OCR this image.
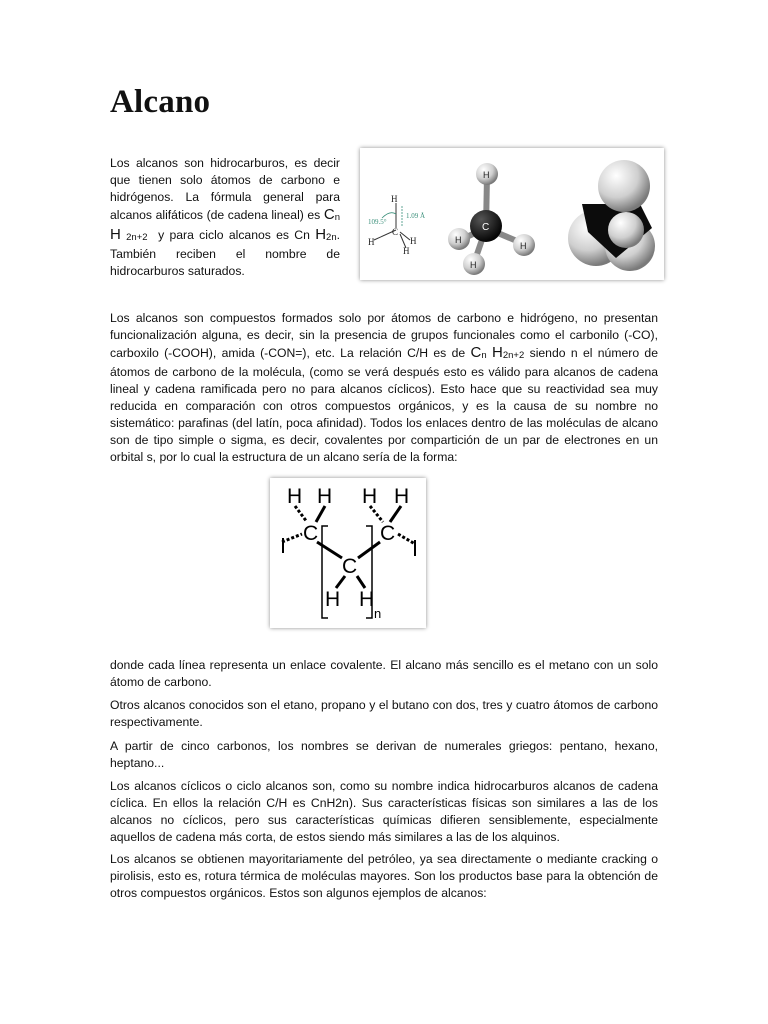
Alcano
Los alcanos son hidrocarburos, es decir que tienen solo átomos de carbono e hidrógenos. La fórmula general para alcanos alifáticos (de cadena lineal) es Cn H 2n+2 y para ciclo alcanos es Cn H2n. También reciben el nombre de hidrocarburos saturados.
H
C
H
H
H
109.5°
1.09 Å
H
H
H
H
C
Los alcanos son compuestos formados solo por átomos de carbono e hidrógeno, no presentan funcionalización alguna, es decir, sin la presencia de grupos funcionales como el carbonilo (-CO), carboxilo (-COOH), amida (-CON=), etc. La relación C/H es de Cn H2n+2 siendo n el número de átomos de carbono de la molécula, (como se verá después esto es válido para alcanos de cadena lineal y cadena ramificada pero no para alcanos cíclicos). Esto hace que su reactividad sea muy reducida en comparación con otros compuestos orgánicos, y es la causa de su nombre no sistemático: parafinas (del latín, poca afinidad). Todos los enlaces dentro de las moléculas de alcano son de tipo simple o sigma, es decir, covalentes por compartición de un par de electrones en un orbital s, por lo cual la estructura de un alcano sería de la forma:
H H H H
C	C
C
H H
n
donde cada línea representa un enlace covalente. El alcano más sencillo es el metano con un solo átomo de carbono.
Otros alcanos conocidos son el etano, propano y el butano con dos, tres y cuatro átomos de carbono respectivamente.
A partir de cinco carbonos, los nombres se derivan de numerales griegos: pentano, hexano, heptano...
Los alcanos cíclicos o ciclo alcanos son, como su nombre indica hidrocarburos alcanos de cadena cíclica. En ellos la relación C/H es CnH2n). Sus características físicas son similares a las de los alcanos no cíclicos, pero sus características químicas difieren sensiblemente, especialmente aquellos de cadena más corta, de estos siendo más similares a las de los alquinos.
Los alcanos se obtienen mayoritariamente del petróleo, ya sea directamente o mediante cracking o pirolisis, esto es, rotura térmica de moléculas mayores. Son los productos base para la obtención de otros compuestos orgánicos. Estos son algunos ejemplos de alcanos:
